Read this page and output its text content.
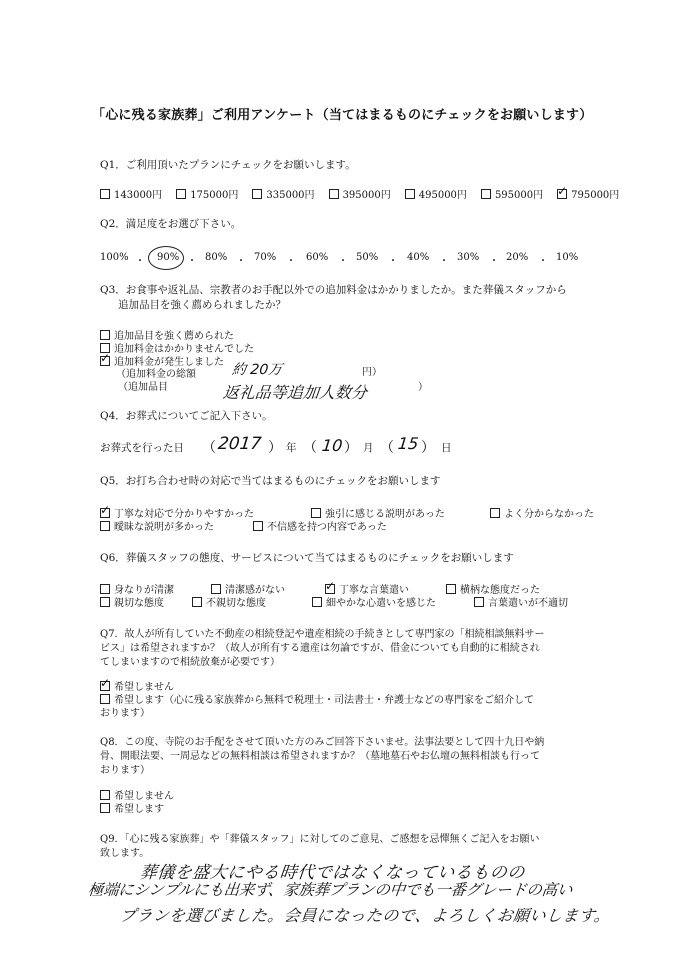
「心に残る家族葬」ご利用アンケート（当てはまるものにチェックをお願いします）
Q1．ご利用頂いたプランにチェックをお願いします。
143000円	175000円	335000円	395000円	495000円	595000円 ✓	795000円
Q2．満足度をお選び下さい。
100% ・ 90% ・ 80% ・ 70% ・ 60% ・ 50% ・ 40% ・ 30% ・ 20% ・ 10%
Q3．お食事や返礼品、宗教者のお手配以外での追加料金はかかりましたか。また葬儀スタッフから
追加品目を強く薦められましたか？
追加品目を強く薦められた
追加料金はかかりませんでした
✓追加料金が発生しました
（追加料金の総額	約 20万	円）
（追加品目	返礼品等追加人数分	）
Q4．お葬式についてご記入下さい。
お葬式を行った日 （ 2017 ） 年 （ 10 ） 月 （ 15 ） 日
Q5．お打ち合わせ時の対応で当てはまるものにチェックをお願いします
✓丁寧な対応で分かりやすかった	強引に感じる説明があった	よく分からなかった
曖昧な説明が多かった	不信感を持つ内容であった
Q6．葬儀スタッフの態度、サービスについて当てはまるものにチェックをお願いします
身なりが清潔	清潔感がない ✓	丁寧な言葉遣い	横柄な態度だった
親切な態度	不親切な態度	細やかな心遣いを感じた	言葉遣いが不適切
Q7．故人が所有していた不動産の相続登記や遺産相続の手続きとして専門家の「相続相談無料サー
ビス」は希望されますか？（故人が所有する遺産は勿論ですが、借金についても自動的に相続され
てしまいますので相続放棄が必要です）
✓希望しません
希望します（心に残る家族葬から無料で税理士・司法書士・弁護士などの専門家をご紹介して
おります）
Q8．この度、寺院のお手配をさせて頂いた方のみご回答下さいませ。法事法要として四十九日や納
骨、開眼法要、一周忌などの無料相談は希望されますか？（墓地墓石やお仏壇の無料相談も行って
おります）
希望しません
希望します
Q9．「心に残る家族葬」や「葬儀スタッフ」に対してのご意見、ご感想を忌憚無くご記入をお願い
致します。
葬儀を盛大にやる時代ではなくなっているものの
極端にシンプルにも出来ず、家族葬プランの中でも一番グレードの高い
プランを選びました。会員になったので、よろしくお願いします。
